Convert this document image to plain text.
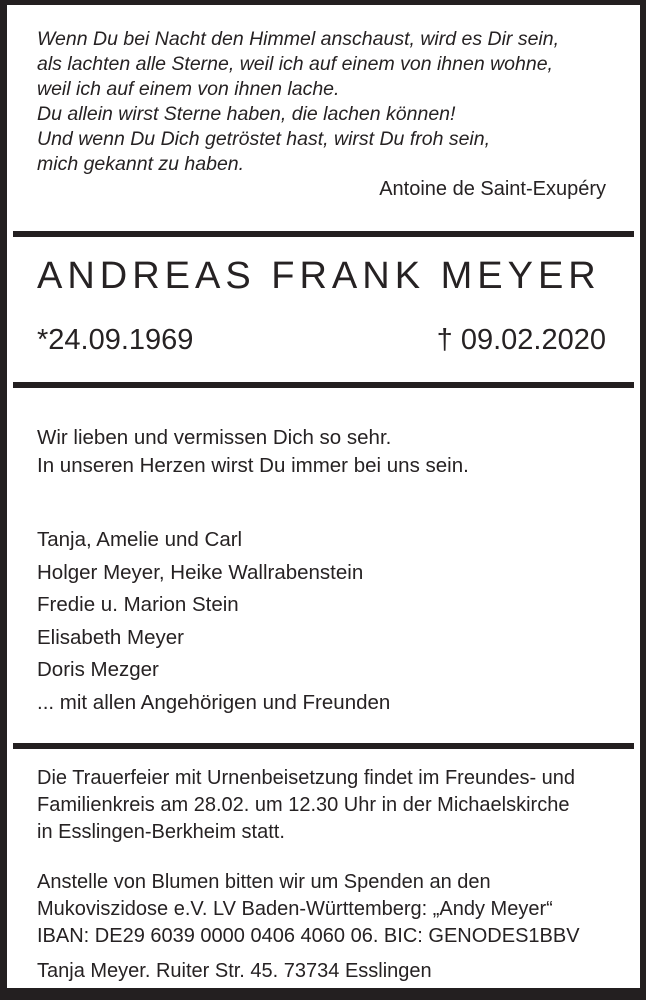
Wenn Du bei Nacht den Himmel anschaust, wird es Dir sein,
als lachten alle Sterne, weil ich auf einem von ihnen wohne,
weil ich auf einem von ihnen lache.
Du allein wirst Sterne haben, die lachen können!
Und wenn Du Dich getröstet hast, wirst Du froh sein,
mich gekannt zu haben.
Antoine de Saint-Exupéry
ANDREAS FRANK MEYER
*24.09.1969	† 09.02.2020
Wir lieben und vermissen Dich so sehr.
In unseren Herzen wirst Du immer bei uns sein.
Tanja, Amelie und Carl
Holger Meyer, Heike Wallrabenstein
Fredie u. Marion Stein
Elisabeth Meyer
Doris Mezger
... mit allen Angehörigen und Freunden
Die Trauerfeier mit Urnenbeisetzung findet im Freundes- und
Familienkreis am 28.02. um 12.30 Uhr in der Michaelskirche
in Esslingen-Berkheim statt.
Anstelle von Blumen bitten wir um Spenden an den
Mukoviszidose e.V. LV Baden-Württemberg: „Andy Meyer“
IBAN: DE29 6039 0000 0406 4060 06. BIC: GENODES1BBV
Tanja Meyer. Ruiter Str. 45. 73734 Esslingen
